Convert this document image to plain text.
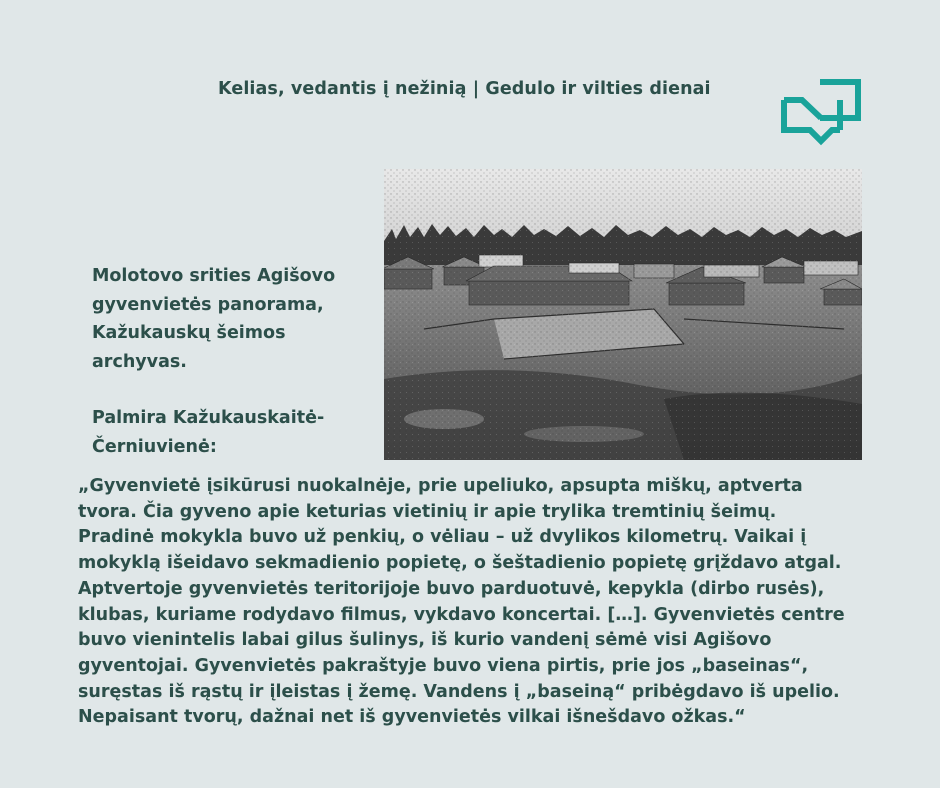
Kelias, vedantis į nežinią | Gedulo ir vilties dienai

Molotovo srities Agišovo

gyvenvietės panorama,

Kažukauskų šeimos

archyvas.

Palmira Kažukauskaitė-

Černiuvienė:

„Gyvenvietė įsikūrusi nuokalnėje, prie upeliuko, apsupta miškų, aptverta

tvora. Čia gyveno apie keturias vietinių ir apie trylika tremtinių šeimų.

Pradinė mokykla buvo už penkių, o vėliau – už dvylikos kilometrų. Vaikai į

mokyklą išeidavo sekmadienio popietę, o šeštadienio popietę grįždavo atgal.

Aptvertoje gyvenvietės teritorijoje buvo parduotuvė, kepykla (dirbo rusės),

klubas, kuriame rodydavo filmus, vykdavo koncertai. […]. Gyvenvietės centre

buvo vienintelis labai gilus šulinys, iš kurio vandenį sėmė visi Agišovo

gyventojai. Gyvenvietės pakraštyje buvo viena pirtis, prie jos „baseinas“,

suręstas iš rąstų ir įleistas į žemę. Vandens į „baseiną“ pribėgdavo iš upelio.

Nepaisant tvorų, dažnai net iš gyvenvietės vilkai išnešdavo ožkas.“
